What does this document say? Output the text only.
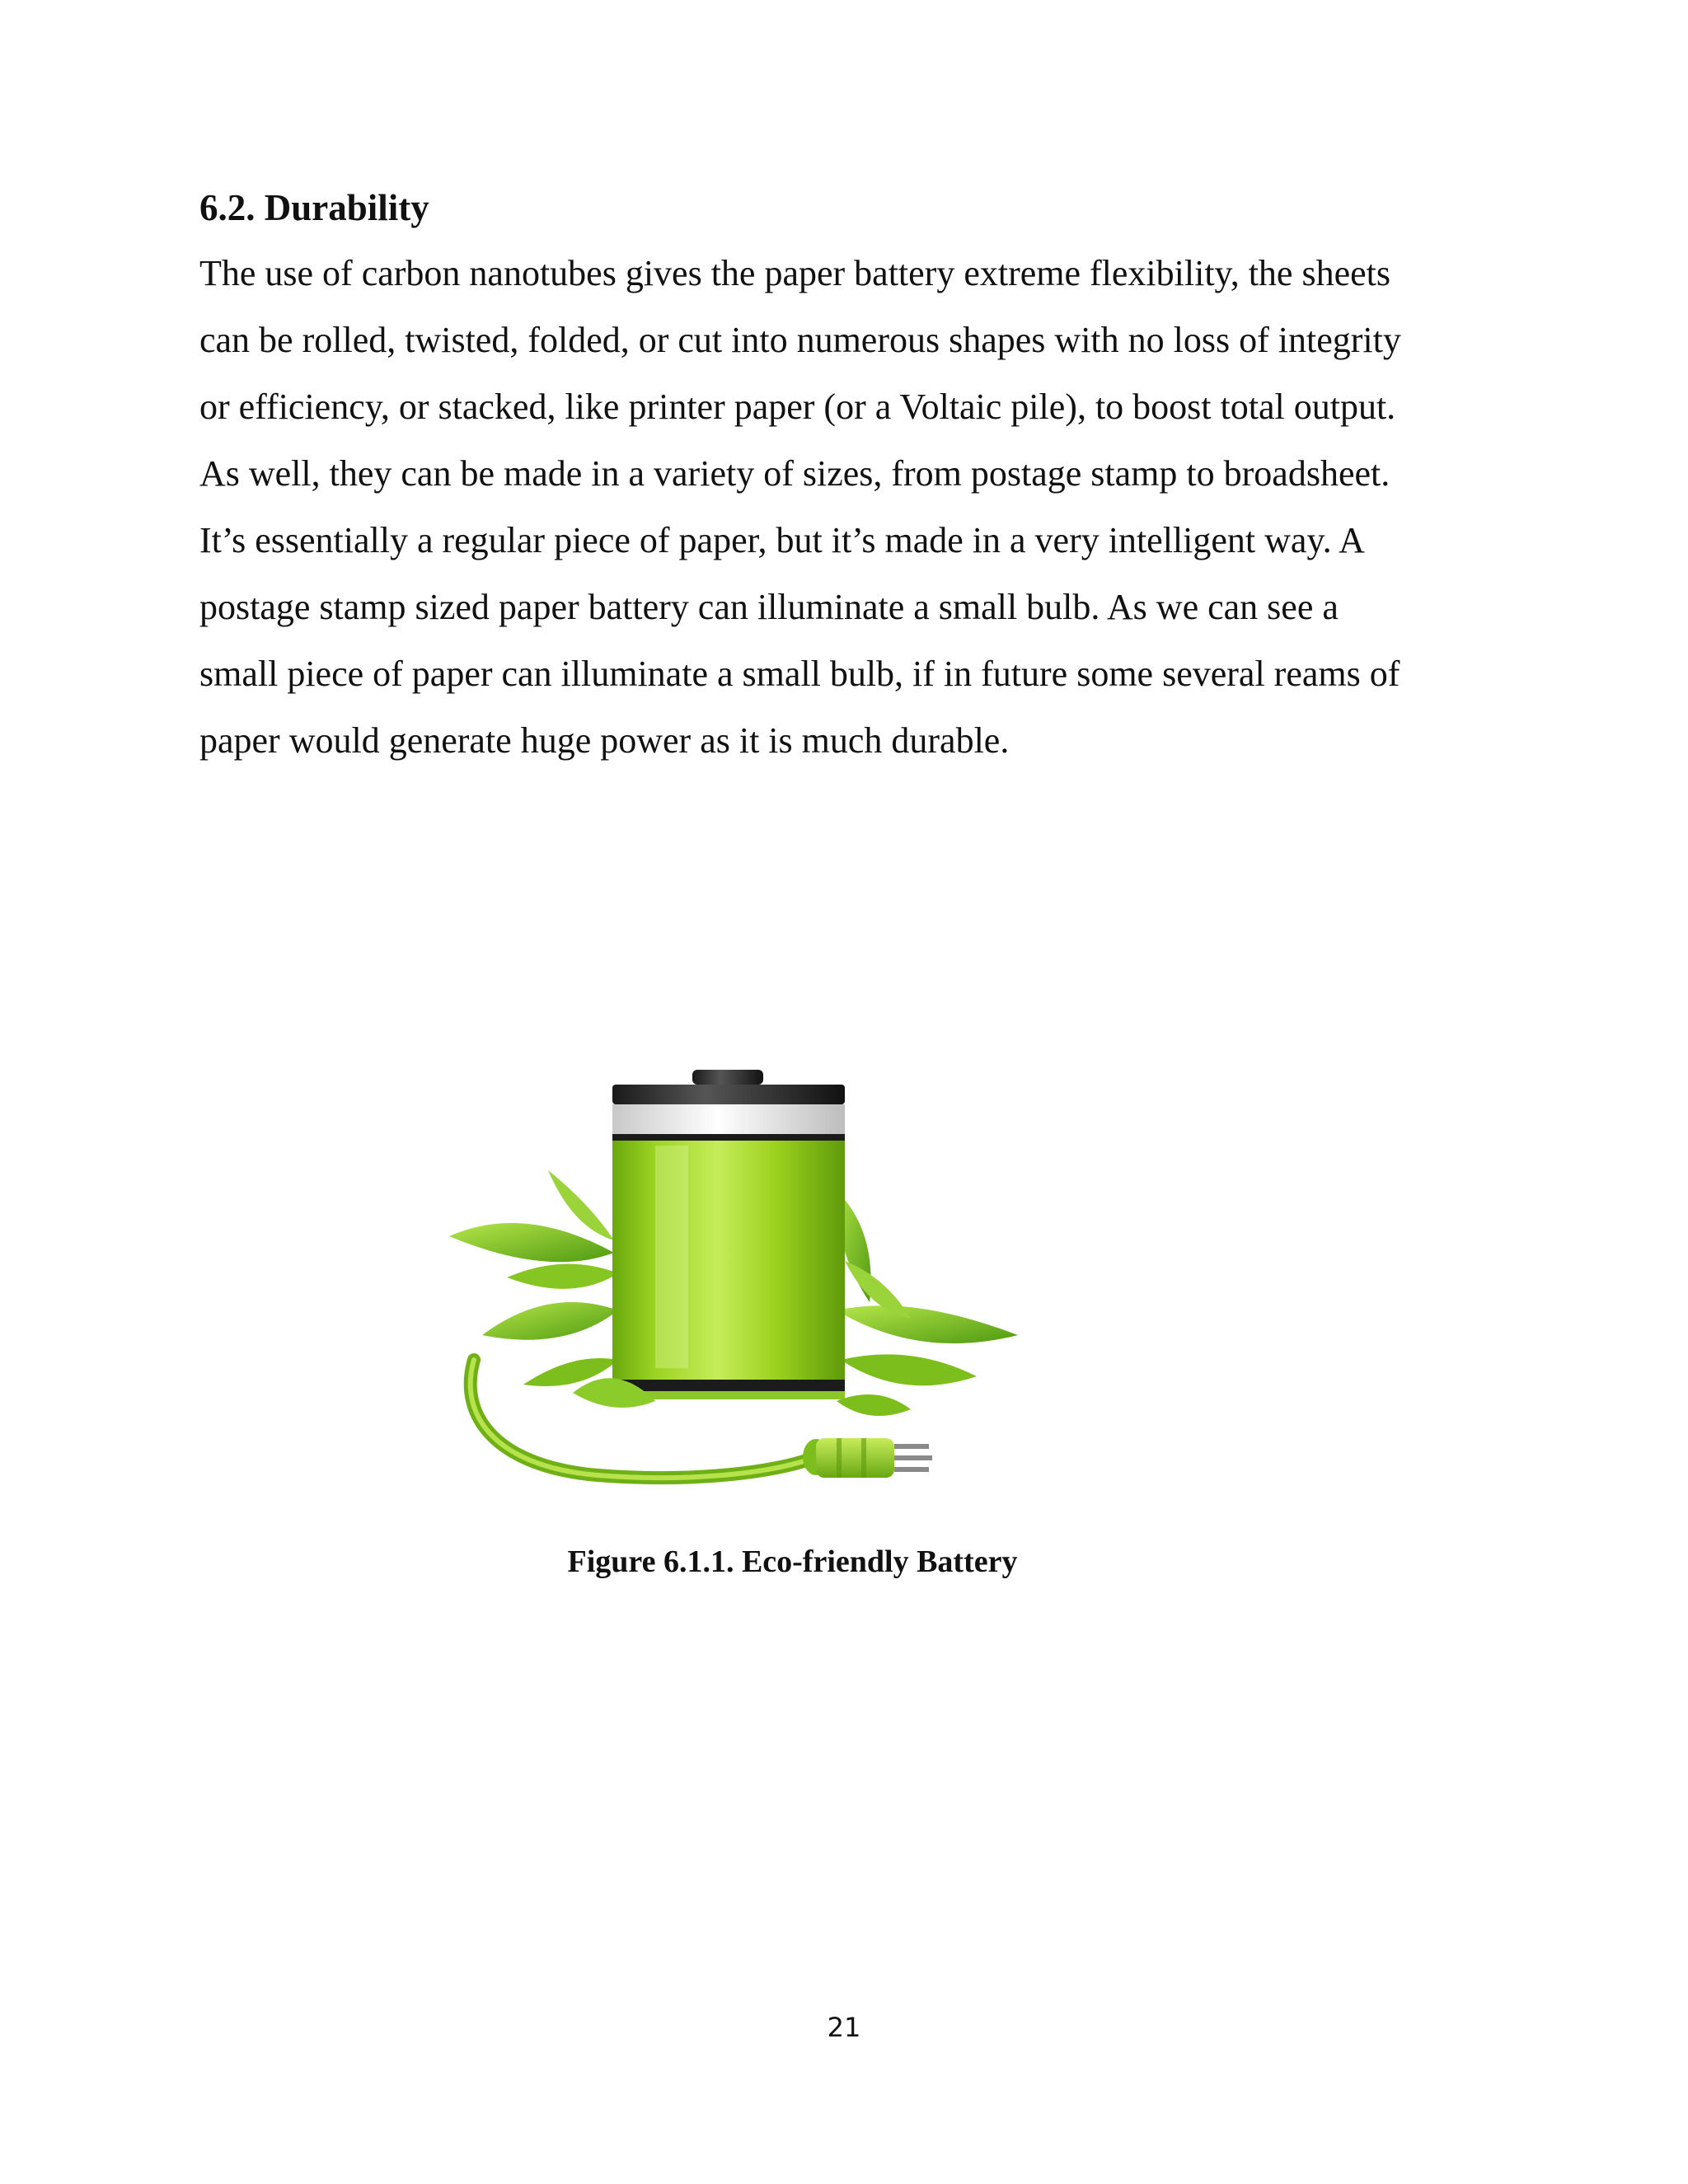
6.2. Durability
The use of carbon nanotubes gives the paper battery extreme flexibility, the sheets
can be rolled, twisted, folded, or cut into numerous shapes with no loss of integrity
or efficiency, or stacked, like printer paper (or a Voltaic pile), to boost total output.
As well, they can be made in a variety of sizes, from postage stamp to broadsheet.
It’s essentially a regular piece of paper, but it’s made in a very intelligent way. A
postage stamp sized paper battery can illuminate a small bulb. As we can see a
small piece of paper can illuminate a small bulb, if in future some several reams of
paper would generate huge power as it is much durable.
Figure 6.1.1. Eco-friendly Battery
21
